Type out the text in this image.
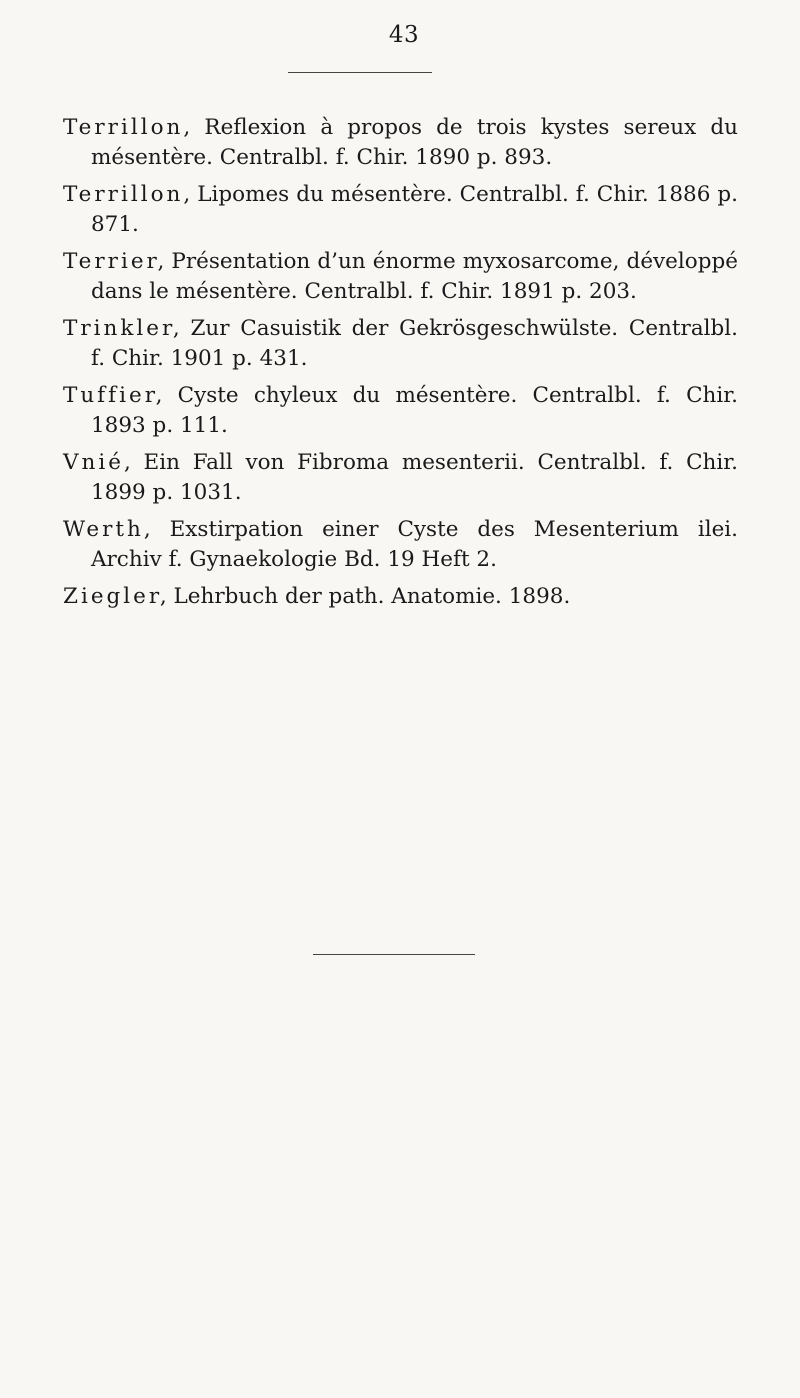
43

Terrillon, Reflexion à propos de trois kystes sereux du mésentère. Centralbl. f. Chir. 1890 p. 893.

Terrillon, Lipomes du mésentère. Centralbl. f. Chir. 1886 p. 871.

Terrier, Présentation d’un énorme myxosarcome, développé dans le mésentère. Centralbl. f. Chir. 1891 p. 203.

Trinkler, Zur Casuistik der Gekrösgeschwülste. Centralbl. f. Chir. 1901 p. 431.

Tuffier, Cyste chyleux du mésentère. Centralbl. f. Chir. 1893 p. 111.

Vnié, Ein Fall von Fibroma mesenterii. Centralbl. f. Chir. 1899 p. 1031.

Werth, Exstirpation einer Cyste des Mesenterium ilei. Archiv f. Gynaekologie Bd. 19 Heft 2.

Ziegler, Lehrbuch der path. Anatomie. 1898.
